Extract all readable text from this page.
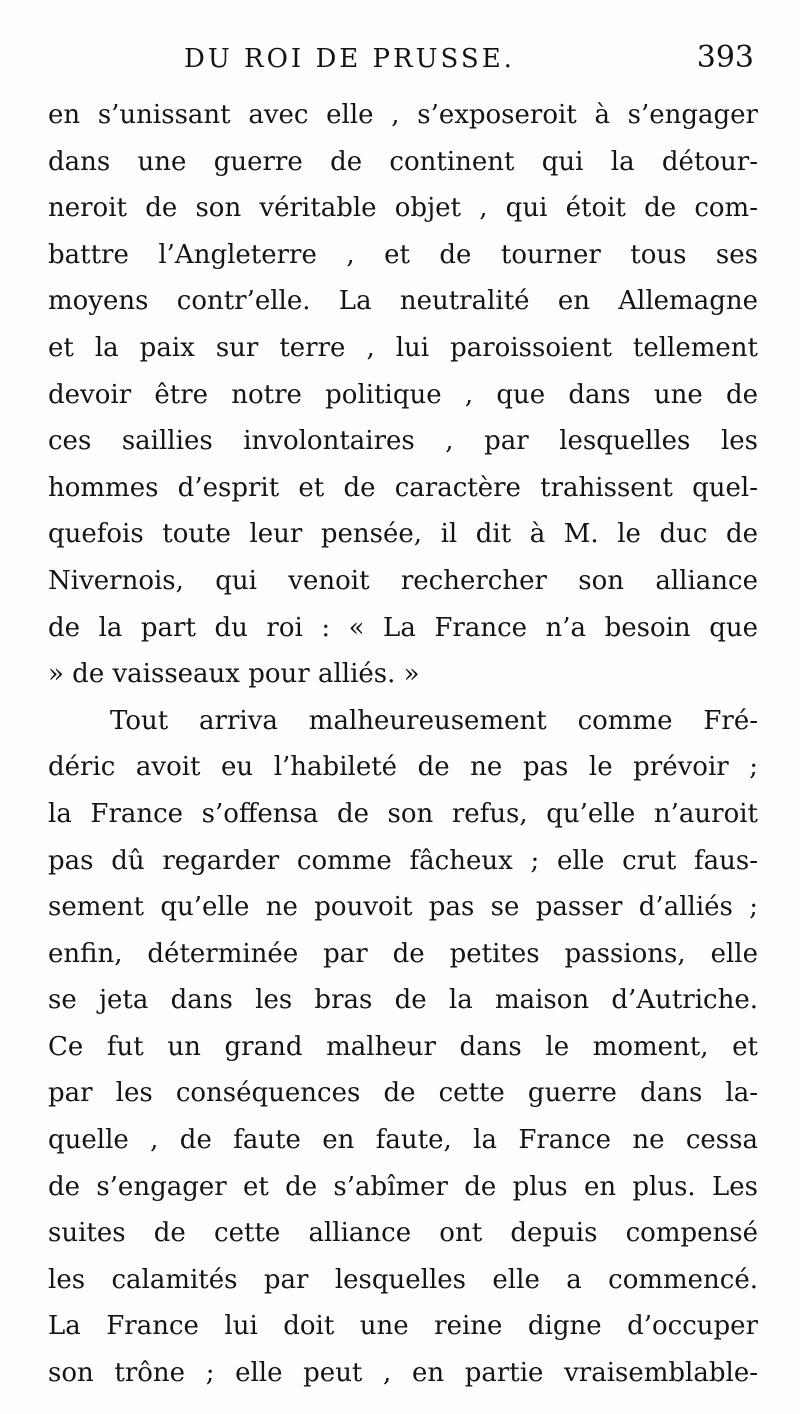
DU ROI DE PRUSSE.	393
en s’unissant avec elle , s’exposeroit à s’engager
dans une guerre de continent qui la détour-
neroit de son véritable objet , qui étoit de com-
battre l’Angleterre , et de tourner tous ses
moyens contr’elle. La neutralité en Allemagne
et la paix sur terre , lui paroissoient tellement
devoir être notre politique , que dans une de
ces saillies involontaires , par lesquelles les
hommes d’esprit et de caractère trahissent quel-
quefois toute leur pensée, il dit à M. le duc de
Nivernois, qui venoit rechercher son alliance
de la part du roi : « La France n’a besoin que
» de vaisseaux pour alliés. »
Tout arriva malheureusement comme Fré-
déric avoit eu l’habileté de ne pas le prévoir ;
la France s’offensa de son refus, qu’elle n’auroit
pas dû regarder comme fâcheux ; elle crut faus-
sement qu’elle ne pouvoit pas se passer d’alliés ;
enfin, déterminée par de petites passions, elle
se jeta dans les bras de la maison d’Autriche.
Ce fut un grand malheur dans le moment, et
par les conséquences de cette guerre dans la-
quelle , de faute en faute, la France ne cessa
de s’engager et de s’abîmer de plus en plus. Les
suites de cette alliance ont depuis compensé
les calamités par lesquelles elle a commencé.
La France lui doit une reine digne d’occuper
son trône ; elle peut , en partie vraisemblable-
